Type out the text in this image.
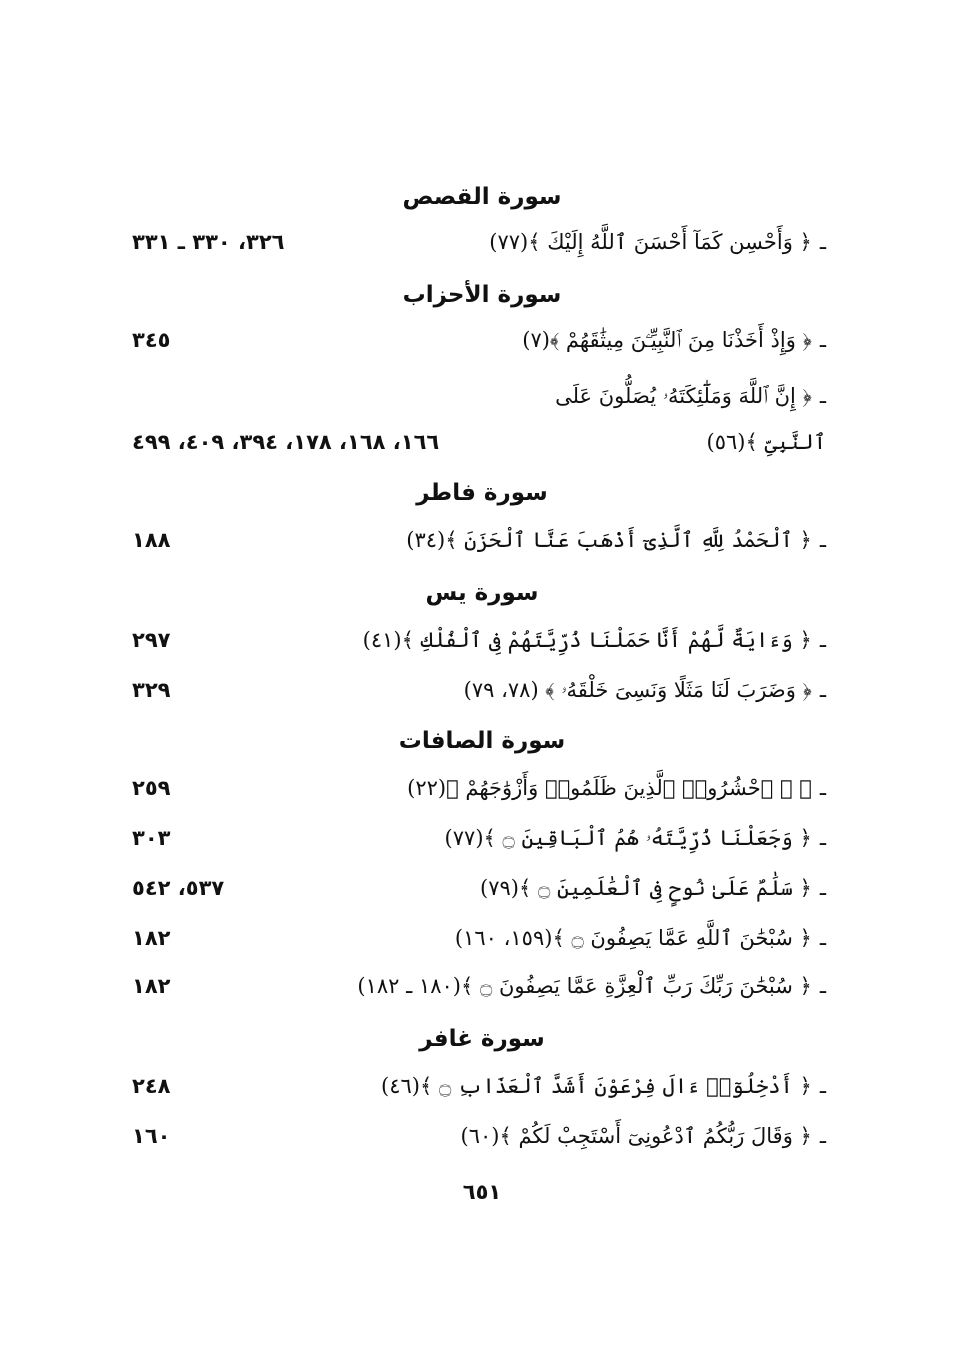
سورة القصص
ـ﴿ وَأَحْسِن كَمَآ أَحْسَنَ ٱللَّهُ إِلَيْكَ ﴾(٧٧)
٣٢٦، ٣٣٠ ـ ٣٣١
سورة الأحزاب
ـ﴿ وَإِذْ أَخَذْنَا مِنَ ٱلنَّبِيِّـۧنَ مِيثَٰقَهُمْ ﴾(٧)
٣٤٥
ـ﴿ إِنَّ ٱللَّهَ وَمَلَٰٓئِكَتَهُۥ يُصَلُّونَ عَلَى
ٱلنَّبِىِّ ﴾(٥٦)
١٦٦، ١٦٨، ١٧٨، ٣٩٤، ٤٠٩، ٤٩٩
سورة فاطر
ـ﴿ ٱلْحَمْدُ لِلَّهِ ٱلَّذِىٓ أَذْهَبَ عَنَّا ٱلْحَزَنَ ﴾(٣٤)
١٨٨
سورة يس
ـ﴿ وَءَايَةٌ لَّهُمْ أَنَّا حَمَلْنَا ذُرِّيَّتَهُمْ فِى ٱلْفُلْكِ ﴾(٤١)
٢٩٧
ـ﴿ وَضَرَبَ لَنَا مَثَلًا وَنَسِىَ خَلْقَهُۥ ﴾ (٧٨، ٧٩)
٣٢٩
سورة الصافات
ـ﴿ ۞ ٱحْشُرُوا۟ ٱلَّذِينَ ظَلَمُوا۟ وَأَزْوَٰجَهُمْ ﴾(٢٢)
٢٥٩
ـ﴿ وَجَعَلْنَا ذُرِّيَّتَهُۥ هُمُ ٱلْبَاقِينَ ۝ ﴾(٧٧)
٣٠٣
ـ﴿ سَلَٰمٌ عَلَىٰ نُوحٍ فِى ٱلْعَٰلَمِينَ ۝ ﴾(٧٩)
٥٣٧، ٥٤٢
ـ﴿ سُبْحَٰنَ ٱللَّهِ عَمَّا يَصِفُونَ ۝ ﴾(١٥٩، ١٦٠)
١٨٢
ـ﴿ سُبْحَٰنَ رَبِّكَ رَبِّ ٱلْعِزَّةِ عَمَّا يَصِفُونَ ۝ ﴾(١٨٠ ـ ١٨٢)
١٨٢
سورة غافر
ـ﴿ أَدْخِلُوٓا۟ ءَالَ فِرْعَوْنَ أَشَدَّ ٱلْعَذَابِ ۝ ﴾(٤٦)
٢٤٨
ـ﴿ وَقَالَ رَبُّكُمُ ٱدْعُونِىٓ أَسْتَجِبْ لَكُمْ ﴾(٦٠)
١٦٠
٦٥١
